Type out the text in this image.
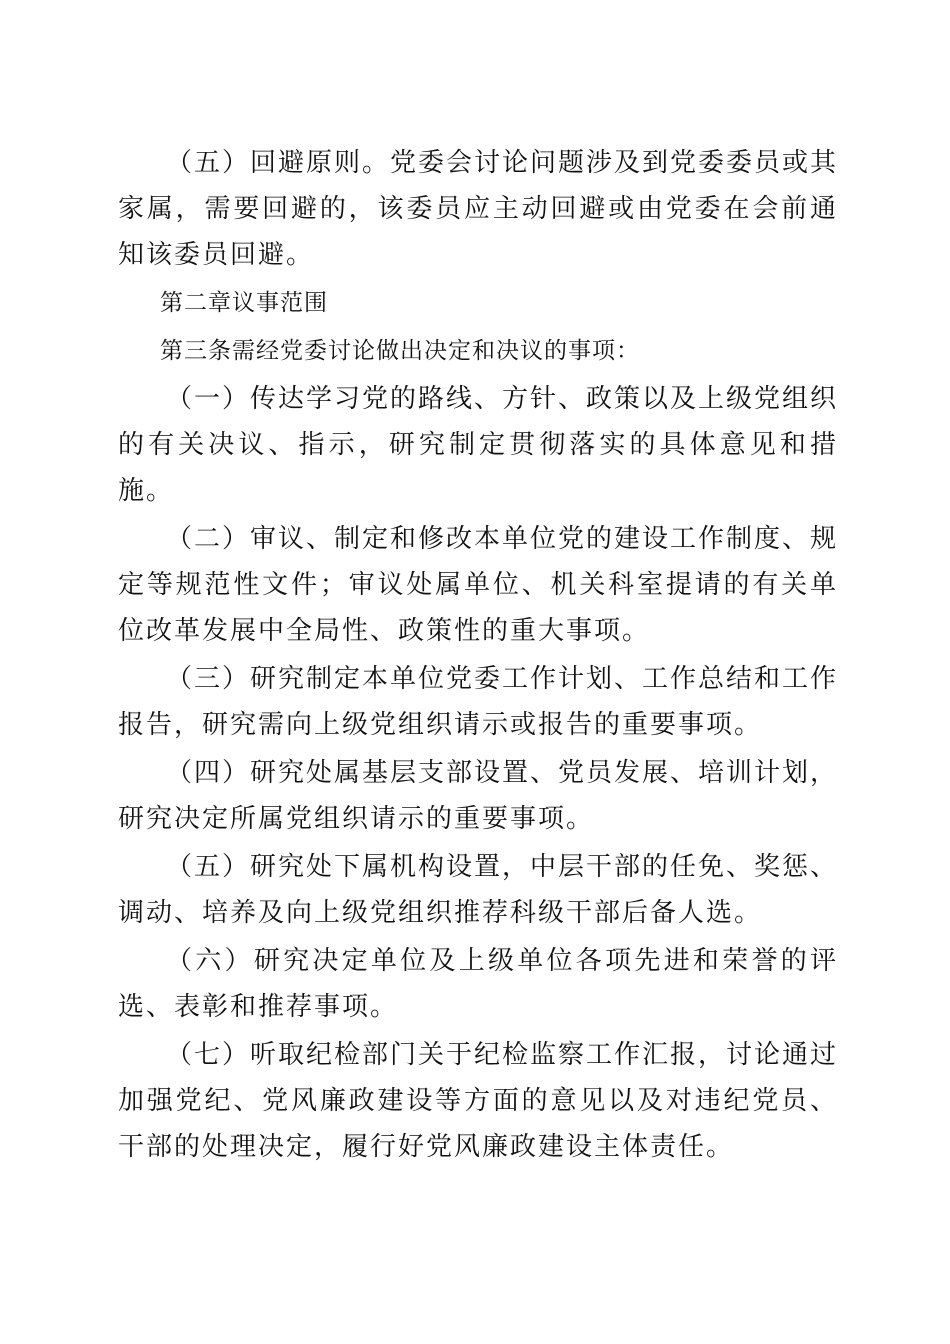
（五）回避原则。党委会讨论问题涉及到党委委员或其家属，需要回避的，该委员应主动回避或由党委在会前通知该委员回避。

第二章议事范围

第三条需经党委讨论做出决定和决议的事项：

（一）传达学习党的路线、方针、政策以及上级党组织的有关决议、指示，研究制定贯彻落实的具体意见和措施。

（二）审议、制定和修改本单位党的建设工作制度、规定等规范性文件；审议处属单位、机关科室提请的有关单位改革发展中全局性、政策性的重大事项。

（三）研究制定本单位党委工作计划、工作总结和工作报告，研究需向上级党组织请示或报告的重要事项。

（四）研究处属基层支部设置、党员发展、培训计划，研究决定所属党组织请示的重要事项。

（五）研究处下属机构设置，中层干部的任免、奖惩、调动、培养及向上级党组织推荐科级干部后备人选。

（六）研究决定单位及上级单位各项先进和荣誉的评选、表彰和推荐事项。

（七）听取纪检部门关于纪检监察工作汇报，讨论通过加强党纪、党风廉政建设等方面的意见以及对违纪党员、干部的处理决定，履行好党风廉政建设主体责任。
